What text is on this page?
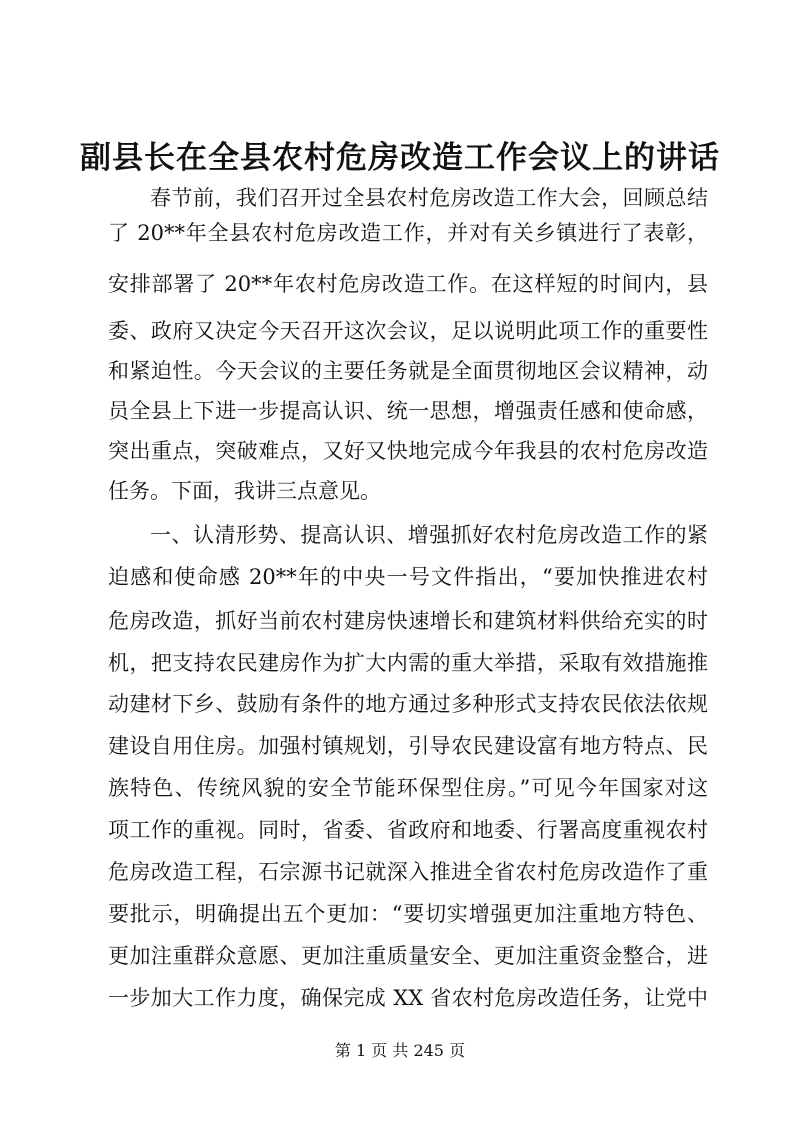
副县长在全县农村危房改造工作会议上的讲话
春节前，我们召开过全县农村危房改造工作大会，回顾总结
了 20**年全县农村危房改造工作，并对有关乡镇进行了表彰，
安排部署了 20**年农村危房改造工作。在这样短的时间内，县
委、政府又决定今天召开这次会议，足以说明此项工作的重要性
和紧迫性。今天会议的主要任务就是全面贯彻地区会议精神，动
员全县上下进一步提高认识、统一思想，增强责任感和使命感，
突出重点，突破难点，又好又快地完成今年我县的农村危房改造
任务。下面，我讲三点意见。
一、认清形势、提高认识、增强抓好农村危房改造工作的紧
迫感和使命感 20**年的中央一号文件指出，“要加快推进农村
危房改造，抓好当前农村建房快速增长和建筑材料供给充实的时
机，把支持农民建房作为扩大内需的重大举措，采取有效措施推
动建材下乡、鼓励有条件的地方通过多种形式支持农民依法依规
建设自用住房。加强村镇规划，引导农民建设富有地方特点、民
族特色、传统风貌的安全节能环保型住房。”可见今年国家对这
项工作的重视。同时，省委、省政府和地委、行署高度重视农村
危房改造工程，石宗源书记就深入推进全省农村危房改造作了重
要批示，明确提出五个更加：“要切实增强更加注重地方特色、
更加注重群众意愿、更加注重质量安全、更加注重资金整合，进
一步加大工作力度，确保完成 XX 省农村危房改造任务，让党中
第 1 页 共 245 页
